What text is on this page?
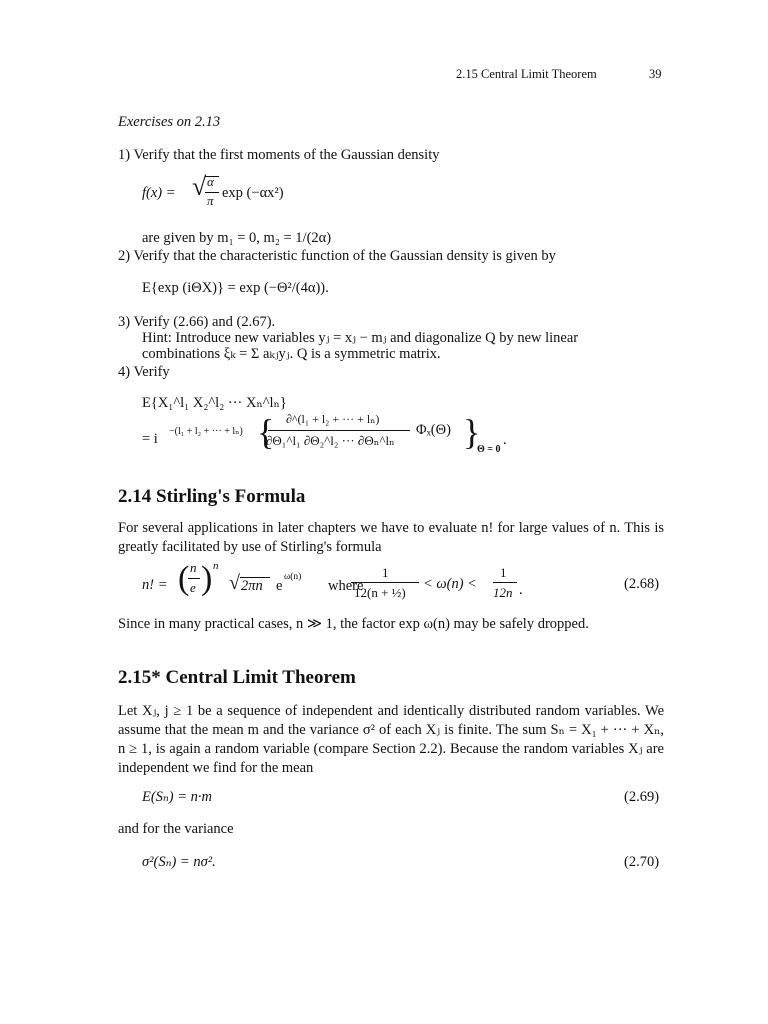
2.15 Central Limit Theorem	39
Exercises on 2.13
1) Verify that the first moments of the Gaussian density
f(x) = √ α
π exp (−αx²)
are given by m₁ = 0, m₂ = 1/(2α)
2) Verify that the characteristic function of the Gaussian density is given by
E{exp (iΘX)} = exp (−Θ²/(4α)).
3) Verify (2.66) and (2.67).
Hint: Introduce new variables yⱼ = xⱼ − mⱼ and diagonalize Q by new linear
combinations ξₖ = Σ aₖⱼyⱼ. Q is a symmetric matrix.
4) Verify
E{X₁^l₁ X₂^l₂ ··· Xₙ^lₙ}
= i −(l₁ + l₂ + ··· + lₙ) { ∂^(l₁ + l₂ + ··· + lₙ)
∂Θ₁^l₁ ∂Θ₂^l₂ ··· ∂Θₙ^lₙ
Φₓ(Θ) }
Θ = 0
.
2.14 Stirling's Formula
For several applications in later chapters we have to evaluate n! for large values of n. This is greatly facilitated by use of Stirling's formula
n! = ( n
e ) n
√ 2πn e
ω(n)
where
1
12(n + ½)
< ω(n) <
1
12n .	(2.68)
Since in many practical cases, n ≫ 1, the factor exp ω(n) may be safely dropped.
2.15* Central Limit Theorem
Let Xⱼ, j ≥ 1 be a sequence of independent and identically distributed random variables. We assume that the mean m and the variance σ² of each Xⱼ is finite. The sum Sₙ = X₁ + ··· + Xₙ, n ≥ 1, is again a random variable (compare Section 2.2). Because the random variables Xⱼ are independent we find for the mean
E(Sₙ) = n·m	(2.69)
and for the variance
σ²(Sₙ) = nσ².	(2.70)
